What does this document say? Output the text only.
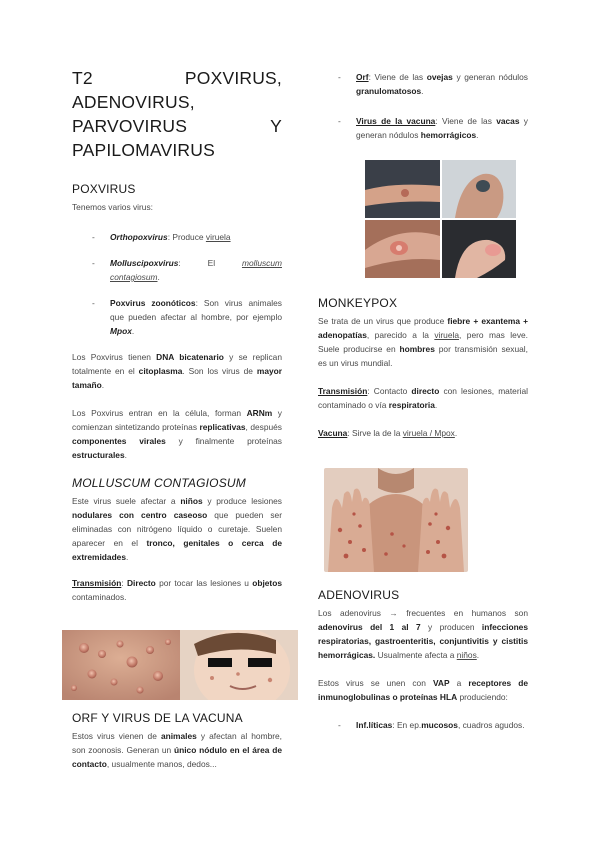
T2 POXVIRUS, ADENOVIRUS,
PARVOVIRUS	Y
PAPILOMAVIRUS
POXVIRUS

Tenemos varios virus:

- Orthopoxvirus: Produce viruela
- Molluscipoxvirus: El molluscum contagiosum.
- Poxvirus zoonóticos: Son virus animales que pueden afectar al hombre, por ejemplo Mpox.

Los Poxvirus tienen DNA bicatenario y se replican totalmente en el citoplasma. Son los virus de mayor tamaño.

Los Poxvirus entran en la célula, forman ARNm y comienzan sintetizando proteínas replicativas, después componentes virales y finalmente proteínas estructurales.

MOLLUSCUM CONTAGIOSUM

Este virus suele afectar a niños y produce lesiones nodulares con centro caseoso que pueden ser eliminadas con nitrógeno líquido o curetaje. Suelen aparecer en el tronco, genitales o cerca de extremidades.

Transmisión: Directo por tocar las lesiones u objetos contaminados.

ORF Y VIRUS DE LA VACUNA

Estos virus vienen de animales y afectan al hombre, son zoonosis. Generan un único nódulo en el área de contacto, usualmente manos, dedos...

- Orf: Viene de las ovejas y generan nódulos granulomatosos.
- Virus de la vacuna: Viene de las vacas y generan nódulos hemorrágicos.
MONKEYPOX

Se trata de un virus que produce fiebre + exantema + adenopatías, parecido a la viruela, pero mas leve. Suele producirse en hombres por transmisión sexual, es un virus mundial.

Transmisión: Contacto directo con lesiones, material contaminado o vía respiratoria.

Vacuna: Sirve la de la viruela / Mpox.

ADENOVIRUS

Los adenovirus → frecuentes en humanos son adenovirus del 1 al 7 y producen infecciones respiratorias, gastroenteritis, conjuntivitis y cistitis hemorrágicas. Usualmente afecta a niños.

Estos virus se unen con VAP a receptores de inmunoglobulinas o proteínas HLA produciendo:

- Inf.líticas: En ep.mucosos, cuadros agudos.
